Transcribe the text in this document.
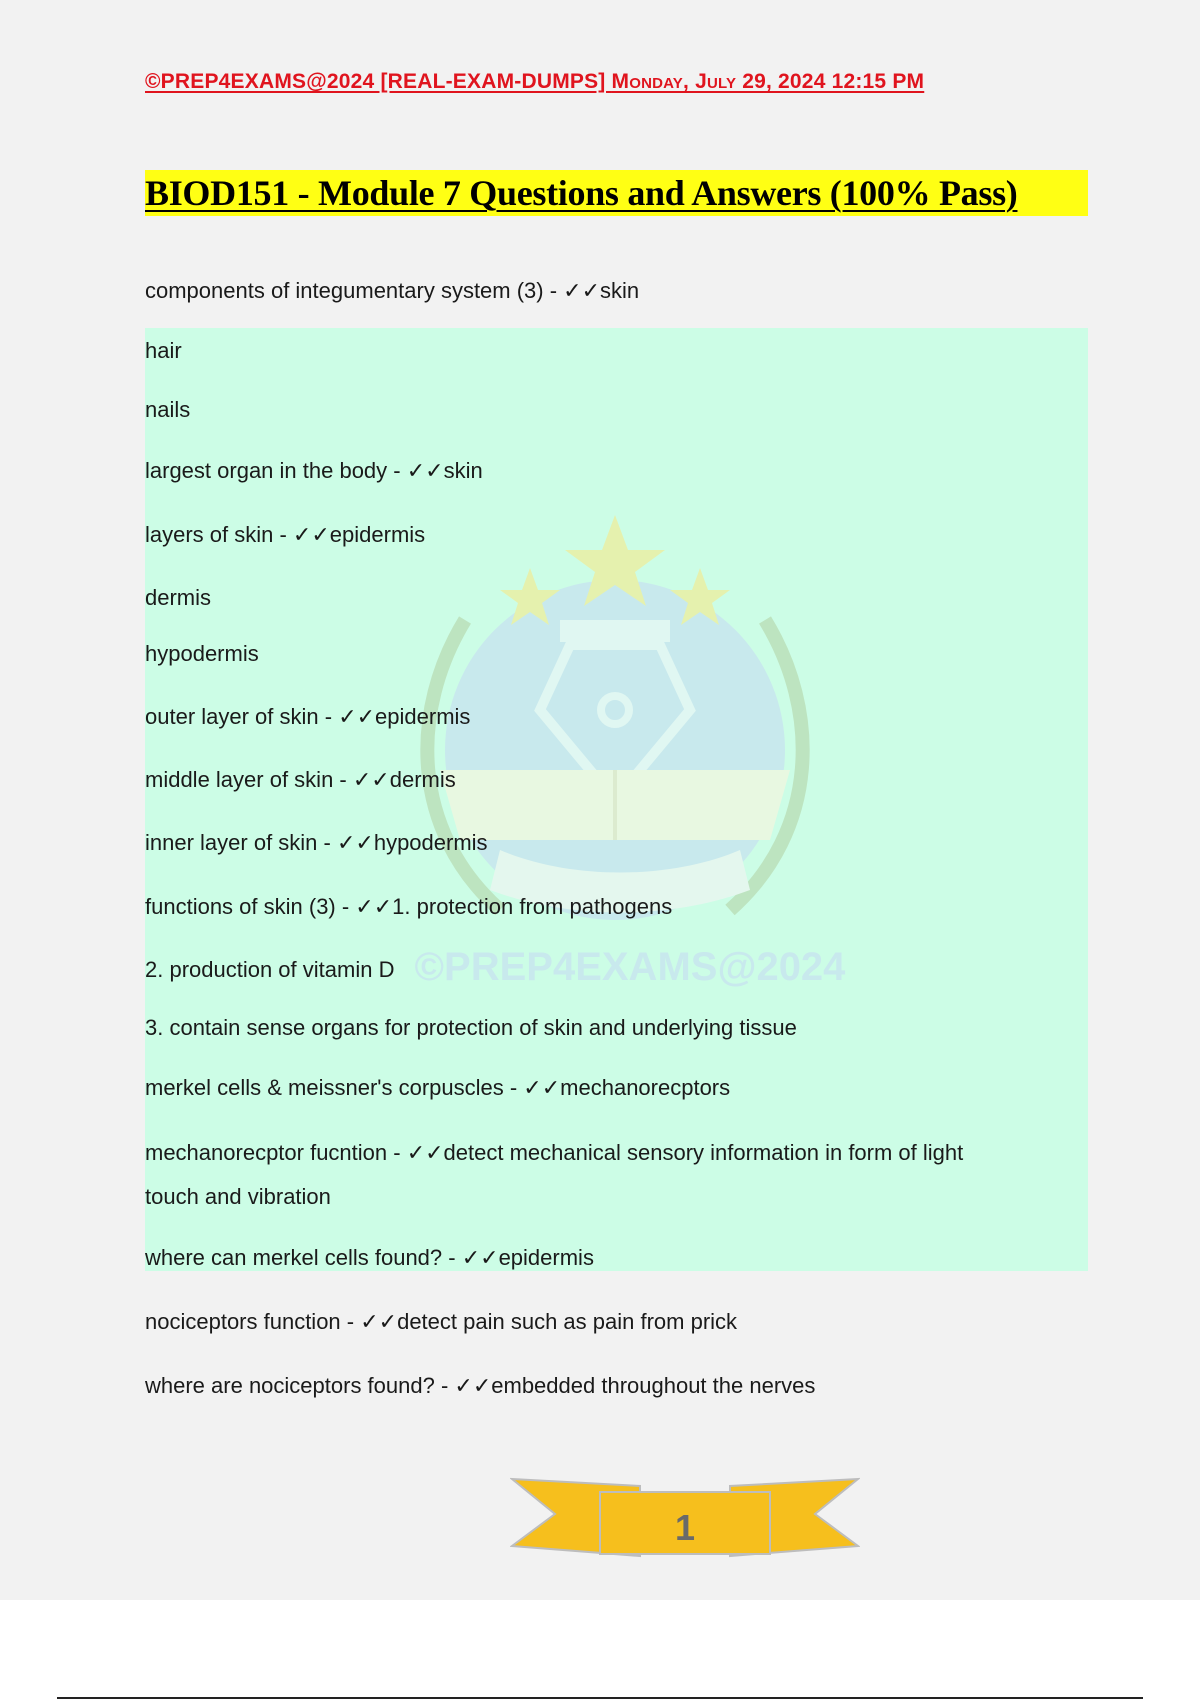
©PREP4EXAMS@2024 [REAL-EXAM-DUMPS] Monday, July 29, 2024 12:15 PM
BIOD151 - Module 7 Questions and Answers (100% Pass)
©PREP4EXAMS@2024
components of integumentary system (3) - ✓✓skin
hair
nails
largest organ in the body - ✓✓skin
layers of skin - ✓✓epidermis
dermis
hypodermis
outer layer of skin - ✓✓epidermis
middle layer of skin - ✓✓dermis
inner layer of skin - ✓✓hypodermis
functions of skin (3) - ✓✓1. protection from pathogens
2. production of vitamin D
3. contain sense organs for protection of skin and underlying tissue
merkel cells & meissner's corpuscles - ✓✓mechanorecptors
mechanorecptor fucntion - ✓✓detect mechanical sensory information in form of light
touch and vibration
where can merkel cells found? - ✓✓epidermis
nociceptors function - ✓✓detect pain such as pain from prick
where are nociceptors found? - ✓✓embedded throughout the nerves
1
